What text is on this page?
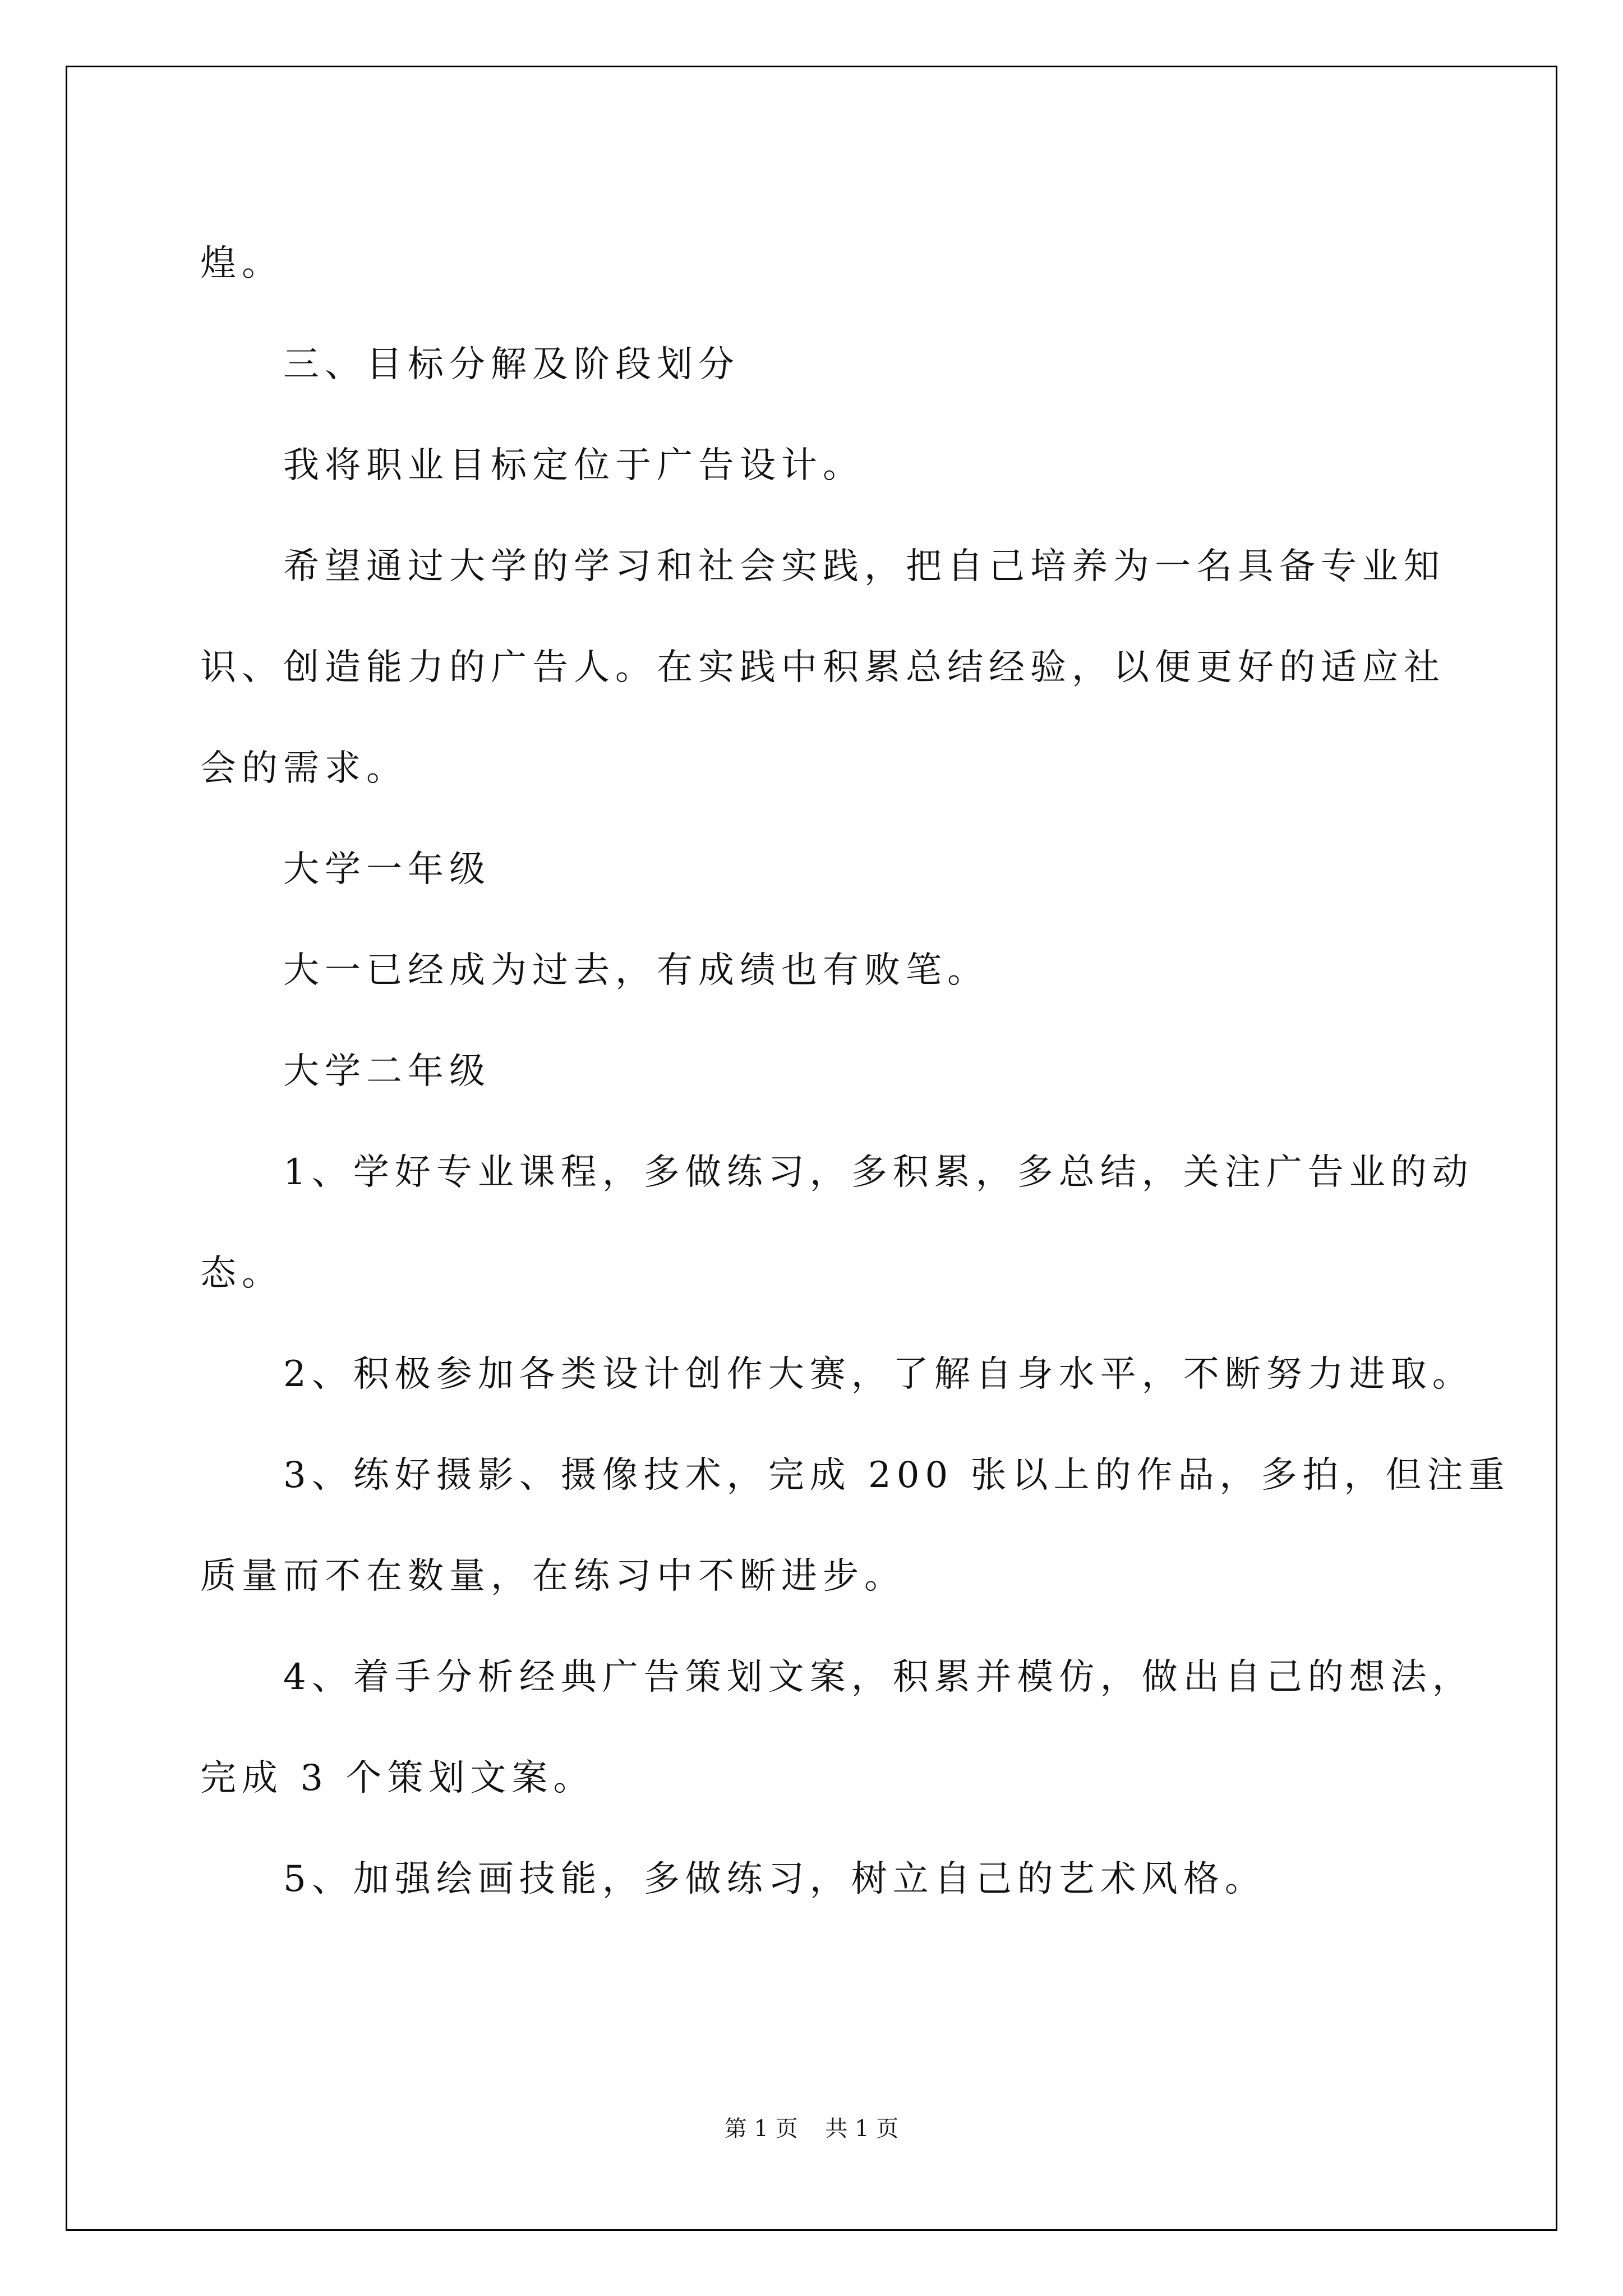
煌。

三、目标分解及阶段划分

我将职业目标定位于广告设计。

希望通过大学的学习和社会实践，把自己培养为一名具备专业知

识、创造能力的广告人。在实践中积累总结经验，以便更好的适应社

会的需求。

大学一年级

大一已经成为过去，有成绩也有败笔。

大学二年级

1、学好专业课程，多做练习，多积累，多总结，关注广告业的动

态。

2、积极参加各类设计创作大赛，了解自身水平，不断努力进取。

3、练好摄影、摄像技术，完成 200 张以上的作品，多拍，但注重

质量而不在数量，在练习中不断进步。

4、着手分析经典广告策划文案，积累并模仿，做出自己的想法，

完成 3 个策划文案。

5、加强绘画技能，多做练习，树立自己的艺术风格。

第 1 页 共 1 页
